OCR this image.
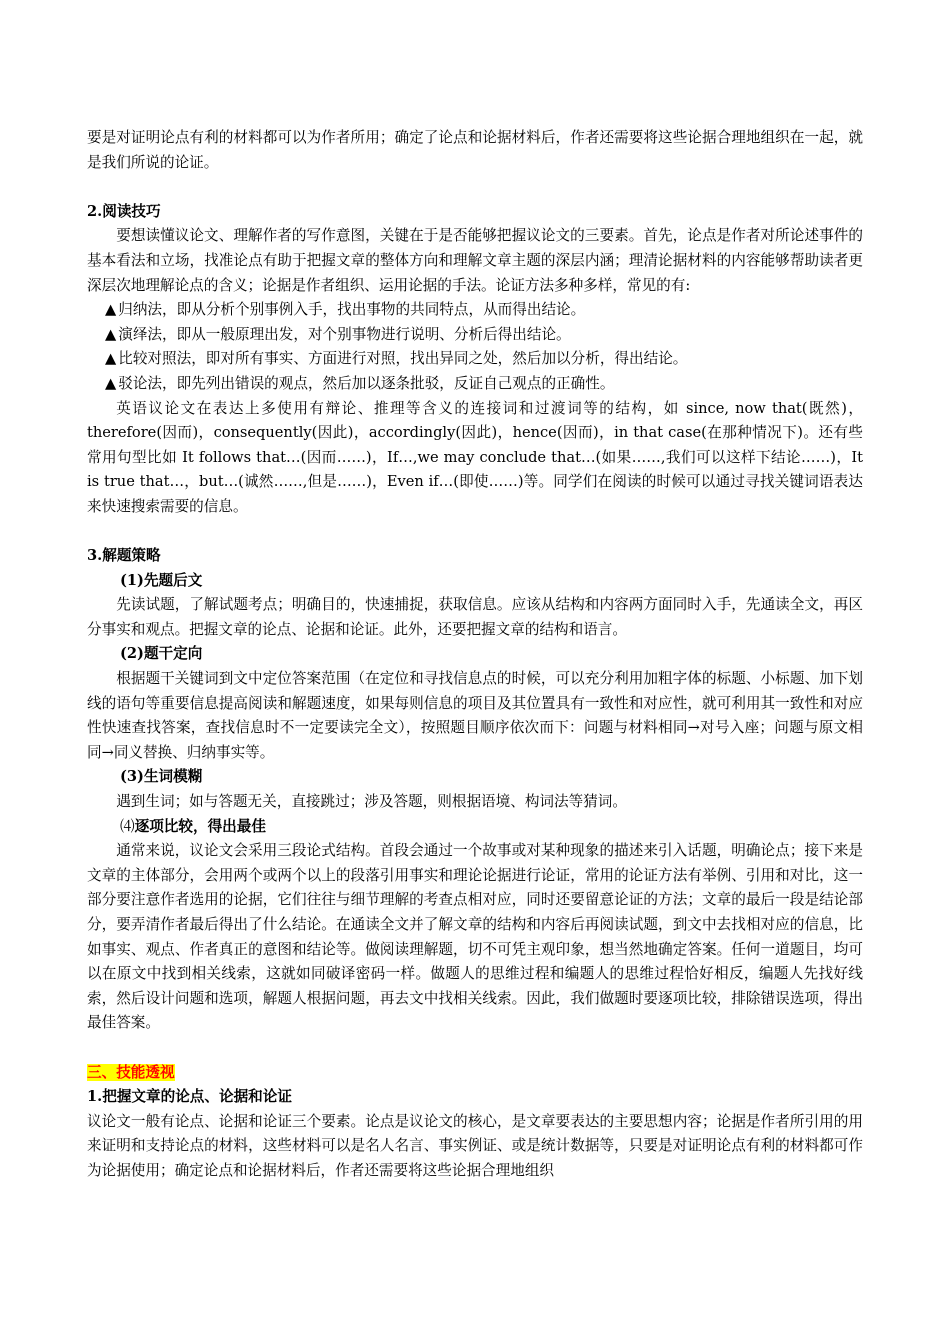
要是对证明论点有利的材料都可以为作者所用；确定了论点和论据材料后，作者还需要将这些论据合理地组织在一起，就是我们所说的论证。

2.阅读技巧

要想读懂议论文、理解作者的写作意图，关键在于是否能够把握议论文的三要素。首先，论点是作者对所论述事件的基本看法和立场，找准论点有助于把握文章的整体方向和理解文章主题的深层内涵；理清论据材料的内容能够帮助读者更深层次地理解论点的含义；论据是作者组织、运用论据的手法。论证方法多种多样，常见的有:

▲ 归纳法，即从分析个别事例入手，找出事物的共同特点，从而得出结论。

▲ 演绎法，即从一般原理出发，对个别事物进行说明、分析后得出结论。

▲ 比较对照法，即对所有事实、方面进行对照，找出异同之处，然后加以分析，得出结论。

▲ 驳论法，即先列出错误的观点，然后加以逐条批驳，反证自己观点的正确性。

英语议论文在表达上多使用有辩论、推理等含义的连接词和过渡词等的结构，如 since, now that(既然)，therefore(因而)，consequently(因此)，accordingly(因此)，hence(因而)，in that case(在那种情况下)。还有些常用句型比如 It follows that…(因而……)，If…,we may conclude that…(如果……,我们可以这样下结论……)，It is true that…，but…(诚然……,但是……)，Even if…(即使……)等。同学们在阅读的时候可以通过寻找关键词语表达来快速搜索需要的信息。

3.解题策略

(1)先题后文

先读试题，了解试题考点；明确目的，快速捕捉，获取信息。应该从结构和内容两方面同时入手，先通读全文，再区分事实和观点。把握文章的论点、论据和论证。此外，还要把握文章的结构和语言。

(2)题干定向

根据题干关键词到文中定位答案范围（在定位和寻找信息点的时候，可以充分利用加粗字体的标题、小标题、加下划线的语句等重要信息提高阅读和解题速度，如果每则信息的项目及其位置具有一致性和对应性，就可利用其一致性和对应性快速查找答案，查找信息时不一定要读完全文），按照题目顺序依次而下：问题与材料相同→对号入座；问题与原文相同→同义替换、归纳事实等。

(3)生词模糊

遇到生词；如与答题无关，直接跳过；涉及答题，则根据语境、构词法等猜词。

⑷逐项比较，得出最佳

通常来说，议论文会采用三段论式结构。首段会通过一个故事或对某种现象的描述来引入话题，明确论点；接下来是文章的主体部分，会用两个或两个以上的段落引用事实和理论论据进行论证，常用的论证方法有举例、引用和对比，这一部分要注意作者选用的论据，它们往往与细节理解的考查点相对应，同时还要留意论证的方法；文章的最后一段是结论部分，要弄清作者最后得出了什么结论。在通读全文并了解文章的结构和内容后再阅读试题，到文中去找相对应的信息，比如事实、观点、作者真正的意图和结论等。做阅读理解题，切不可凭主观印象，想当然地确定答案。任何一道题目，均可以在原文中找到相关线索，这就如同破译密码一样。做题人的思维过程和编题人的思维过程恰好相反，编题人先找好线索，然后设计问题和选项，解题人根据问题，再去文中找相关线索。因此，我们做题时要逐项比较，排除错误选项，得出最佳答案。

三、技能透视

1.把握文章的论点、论据和论证

议论文一般有论点、论据和论证三个要素。论点是议论文的核心，是文章要表达的主要思想内容；论据是作者所引用的用来证明和支持论点的材料，这些材料可以是名人名言、事实例证、或是统计数据等，只要是对证明论点有利的材料都可作为论据使用；确定论点和论据材料后，作者还需要将这些论据合理地组织
